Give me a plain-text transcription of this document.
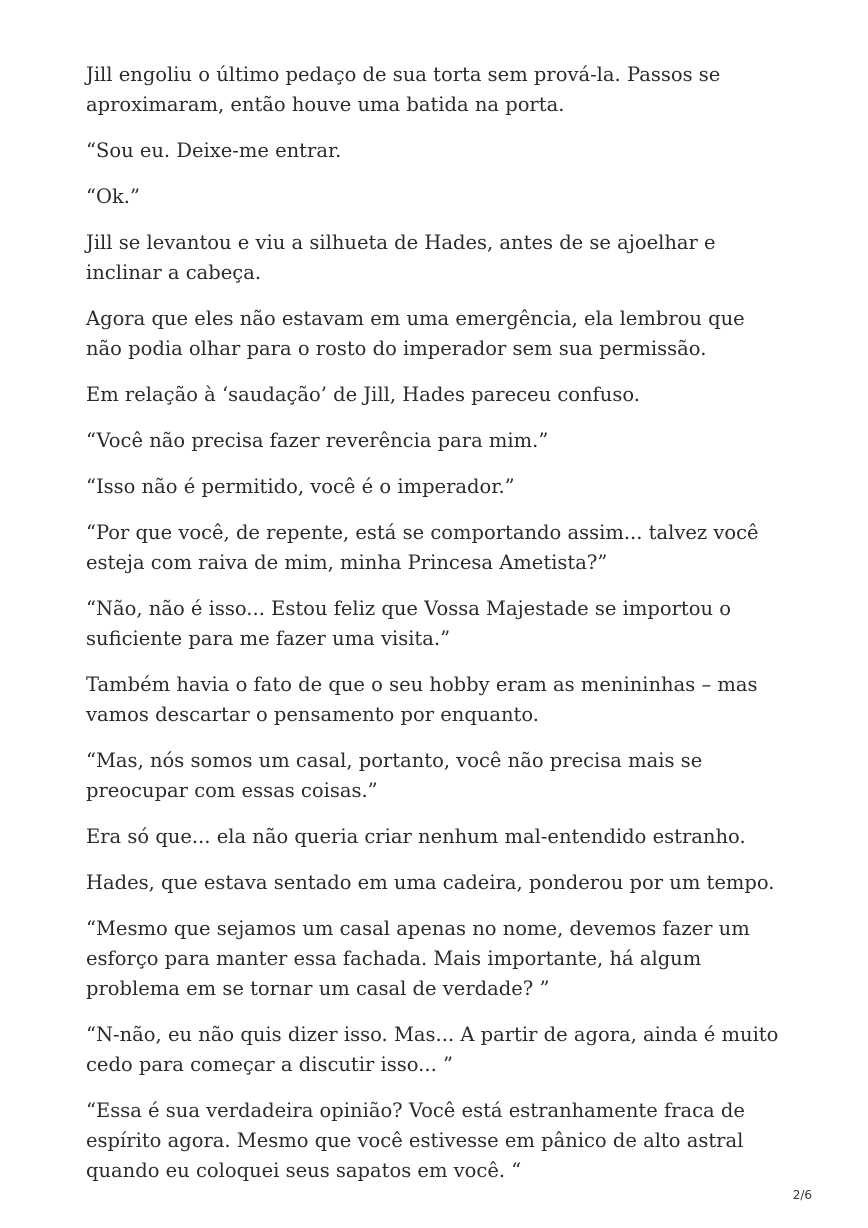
Jill engoliu o último pedaço de sua torta sem prová-la. Passos se aproximaram, então houve uma batida na porta.

“Sou eu. Deixe-me entrar.

“Ok.”

Jill se levantou e viu a silhueta de Hades, antes de se ajoelhar e inclinar a cabeça.

Agora que eles não estavam em uma emergência, ela lembrou que não podia olhar para o rosto do imperador sem sua permissão.

Em relação à ‘saudação’ de Jill, Hades pareceu confuso.

“Você não precisa fazer reverência para mim.”

“Isso não é permitido, você é o imperador.”

“Por que você, de repente, está se comportando assim... talvez você esteja com raiva de mim, minha Princesa Ametista?”

“Não, não é isso... Estou feliz que Vossa Majestade se importou o suficiente para me fazer uma visita.”

Também havia o fato de que o seu hobby eram as menininhas – mas vamos descartar o pensamento por enquanto.

“Mas, nós somos um casal, portanto, você não precisa mais se preocupar com essas coisas.”

Era só que... ela não queria criar nenhum mal-entendido estranho.

Hades, que estava sentado em uma cadeira, ponderou por um tempo.

“Mesmo que sejamos um casal apenas no nome, devemos fazer um esforço para manter essa fachada. Mais importante, há algum problema em se tornar um casal de verdade? ”

“N-não, eu não quis dizer isso. Mas... A partir de agora, ainda é muito cedo para começar a discutir isso... ”

“Essa é sua verdadeira opinião? Você está estranhamente fraca de espírito agora. Mesmo que você estivesse em pânico de alto astral quando eu coloquei seus sapatos em você. “

2/6
